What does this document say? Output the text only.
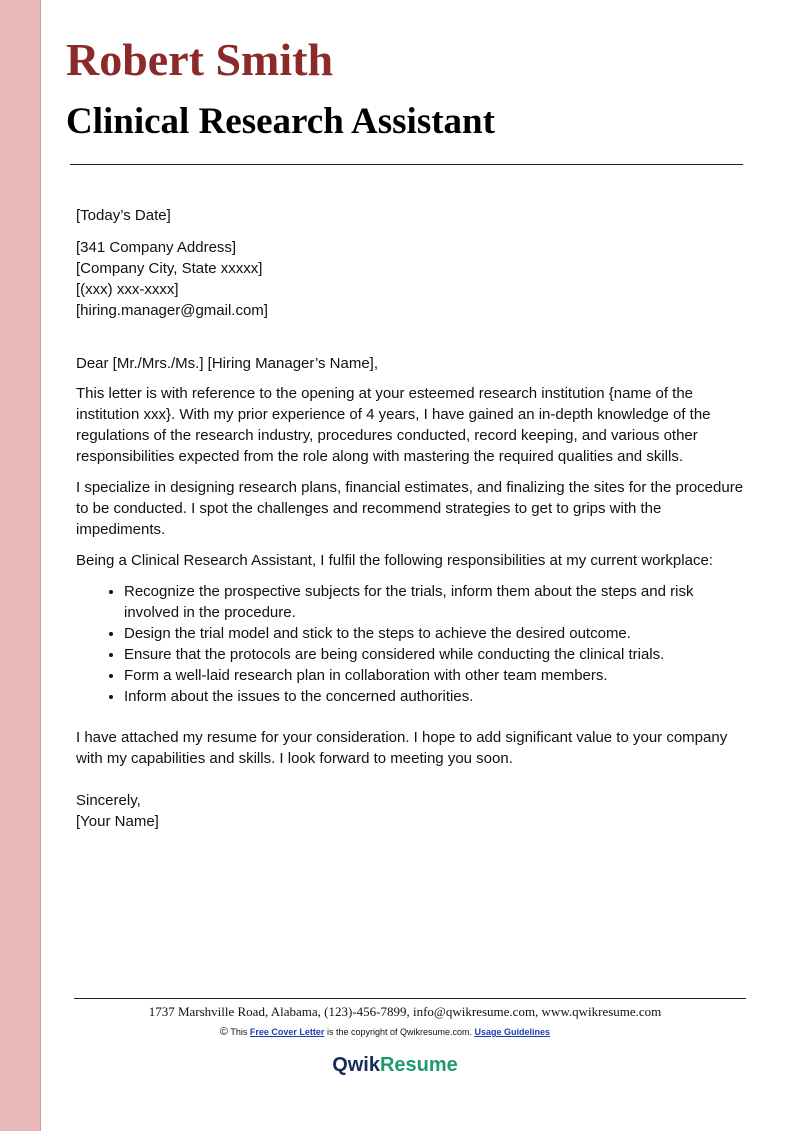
Robert Smith
Clinical Research Assistant

[Today’s Date]

[341 Company Address]
[Company City, State xxxxx]
[(xxx) xxx-xxxx]
[hiring.manager@gmail.com]

Dear [Mr./Mrs./Ms.] [Hiring Manager’s Name],

This letter is with reference to the opening at your esteemed research institution {name of the institution xxx}. With my prior experience of 4 years, I have gained an in-depth knowledge of the regulations of the research industry, procedures conducted, record keeping, and various other responsibilities expected from the role along with mastering the required qualities and skills.

I specialize in designing research plans, financial estimates, and finalizing the sites for the procedure to be conducted. I spot the challenges and recommend strategies to get to grips with the impediments.

Being a Clinical Research Assistant, I fulfil the following responsibilities at my current workplace:

• Recognize the prospective subjects for the trials, inform them about the steps and risk involved in the procedure.
• Design the trial model and stick to the steps to achieve the desired outcome.
• Ensure that the protocols are being considered while conducting the clinical trials.
• Form a well-laid research plan in collaboration with other team members.
• Inform about the issues to the concerned authorities.

I have attached my resume for your consideration. I hope to add significant value to your company with my capabilities and skills. I look forward to meeting you soon.

Sincerely,

[Your Name]

1737 Marshville Road, Alabama, (123)-456-7899, info@qwikresume.com, www.qwikresume.com
© This Free Cover Letter is the copyright of Qwikresume.com. Usage Guidelines
QwikResume
